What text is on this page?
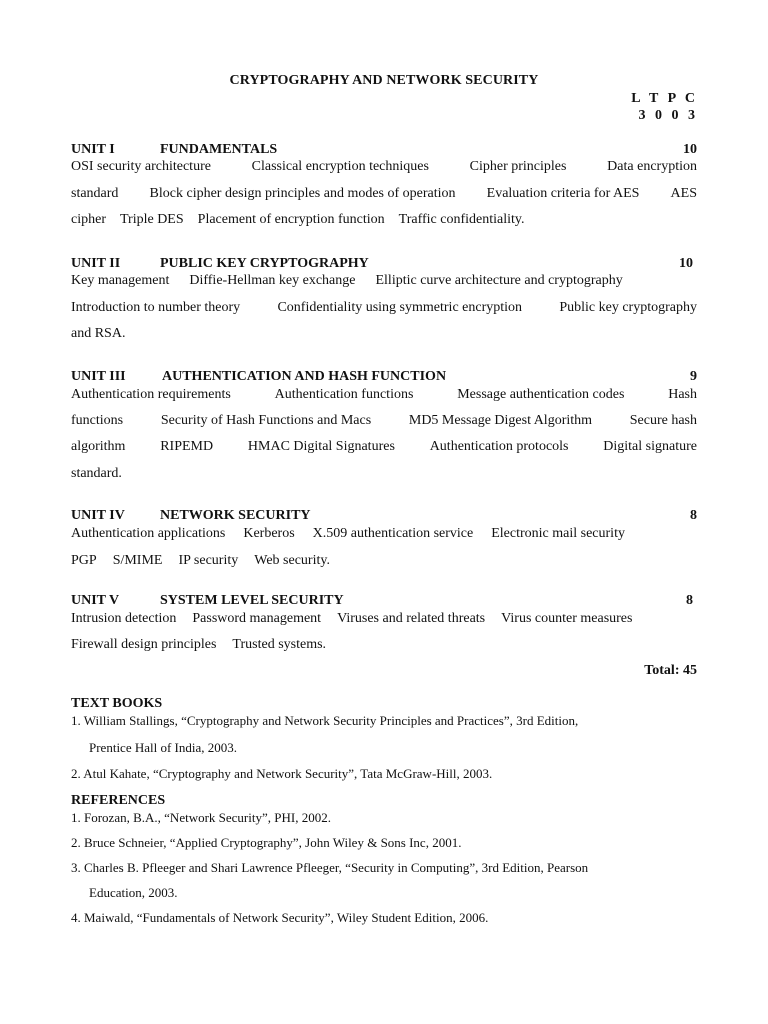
CRYPTOGRAPHY AND NETWORK SECURITY
L T P C
3 0 0 3
UNIT I	FUNDAMENTALS	10
OSI security architecture	Classical encryption techniques	Cipher principles	Data encryption
standard Block cipher design principles and modes of operation Evaluation criteria for AES AES
cipher Triple DES Placement of encryption function Traffic confidentiality.
UNIT II	PUBLIC KEY CRYPTOGRAPHY	10
Key management Diffie-Hellman key exchange Elliptic curve architecture and cryptography
Introduction to number theory	Confidentiality using symmetric encryption	Public key cryptography
and RSA.
UNIT III	AUTHENTICATION AND HASH FUNCTION	9
Authentication requirements	Authentication functions	Message authentication codes	Hash
functions	Security of Hash Functions and Macs	MD5 Message Digest Algorithm	Secure hash
algorithm RIPEMD HMAC Digital Signatures Authentication protocols Digital signature
standard.
UNIT IV	NETWORK SECURITY	8
Authentication applications Kerberos X.509 authentication service Electronic mail security
PGP S/MIME IP security Web security.
UNIT V	SYSTEM LEVEL SECURITY	8
Intrusion detection Password management Viruses and related threats Virus counter measures
Firewall design principles Trusted systems.
Total: 45
TEXT BOOKS
1. William Stallings, “Cryptography and Network Security Principles and Practices”, 3rd Edition,
Prentice Hall of India, 2003.
2. Atul Kahate, “Cryptography and Network Security”, Tata McGraw-Hill, 2003.
REFERENCES
1. Forozan, B.A., “Network Security”, PHI, 2002.
2. Bruce Schneier, “Applied Cryptography”, John Wiley & Sons Inc, 2001.
3. Charles B. Pfleeger and Shari Lawrence Pfleeger, “Security in Computing”, 3rd Edition, Pearson
Education, 2003.
4. Maiwald, “Fundamentals of Network Security”, Wiley Student Edition, 2006.
